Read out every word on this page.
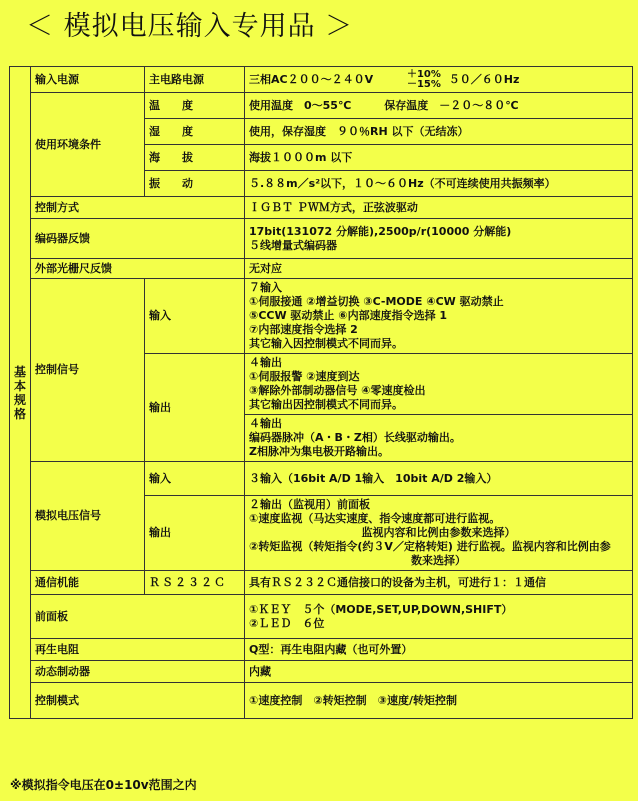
＜ 模拟电压输入专用品 ＞
基
本
规
格	输入电源	主电路电源	三相AC２００～２４０V ＋10%
－15% ５０／６０Hz
	使用环境条件	温　　度	使用温度　0～55℃　　　保存温度　－２０～８０℃
		湿　　度	使用，保存湿度　９０％RH 以下（无结冻）
		海　　拔	海拔１０００m 以下
		振　　动	５.８８m／s²以下，１０～６０Hz（不可连续使用共振频率）
	控制方式		ＩＧＢＴ ＰＷＭ方式，正弦波驱动
	编码器反馈		17bit(131072 分解能),2500p/r(10000 分解能)
５线增量式编码器

	外部光栅尺反馈		无对应
	控制信号	输入	７输入
①伺服接通 ②增益切换 ③C-MODE ④CW 驱动禁止
⑤CCW 驱动禁止 ⑥内部速度指令选择 1
⑦内部速度指令选择 2
其它输入因控制模式不同而异。

		输出	４输出
①伺服报警 ②速度到达
③解除外部制动器信号 ④零速度检出
其它输出因控制模式不同而异。

			４输出
编码器脉冲（A・B・Z相）长线驱动输出。
Z相脉冲为集电极开路输出。

	模拟电压信号	输入	３输入（16bit A/D 1输入　10bit A/D 2输入）
		输出	２输出（监视用）前面板
①速度监视（马达实速度、指令速度都可进行监视。
监视内容和比例由参数来选择）
②转矩监视（转矩指令(约３V／定格转矩) 进行监视。监视内容和比例由参
数来选择）

	通信机能	ＲＳ２３２Ｃ	具有ＲＳ２３２Ｃ通信接口的设备为主机，可进行１：１通信
	前面板		①ＫＥＹ　５个（MODE,SET,UP,DOWN,SHIFT）
②ＬＥＤ　６位

	再生电阻		Q型：再生电阻内藏（也可外置）
	动态制动器		内藏
	控制模式		①速度控制　②转矩控制　③速度/转矩控制
※模拟指令电压在0±10v范围之内
